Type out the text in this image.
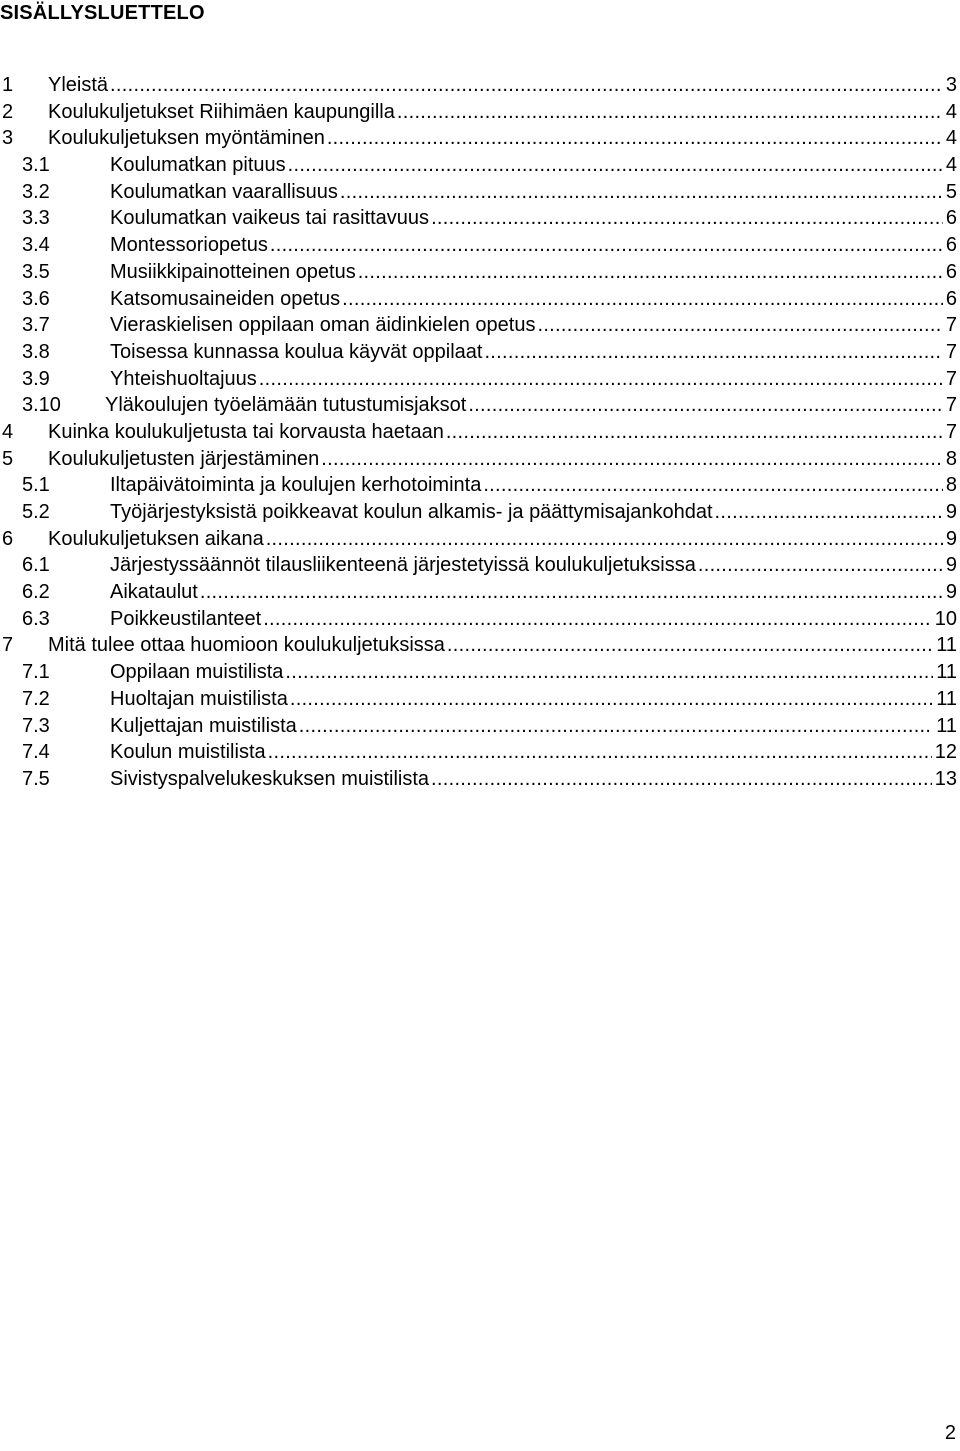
SISÄLLYSLUETTELO
1 Yleistä .....	3
2 Koulukuljetukset Riihimäen kaupungilla .....	4
3 Koulukuljetuksen myöntäminen .....	4
3.1	Koulumatkan pituus .....	4
3.2	Koulumatkan vaarallisuus .....	5
3.3	Koulumatkan vaikeus tai rasittavuus .....	6
3.4	Montessoriopetus .....	6
3.5	Musiikkipainotteinen opetus .....	6
3.6	Katsomusaineiden opetus .....	6
3.7	Vieraskielisen oppilaan oman äidinkielen opetus .....	7
3.8	Toisessa kunnassa koulua käyvät oppilaat .....	7
3.9	Yhteishuoltajuus .....	7
3.10 Yläkoulujen työelämään tutustumisjaksot .....	7
4 Kuinka koulukuljetusta tai korvausta haetaan .....	7
5 Koulukuljetusten järjestäminen .....	8
5.1	Iltapäivätoiminta ja koulujen kerhotoiminta .....	8
5.2	Työjärjestyksistä poikkeavat koulun alkamis- ja päättymisajankohdat .....	9
6 Koulukuljetuksen aikana .....	9
6.1	Järjestyssäännöt tilausliikenteenä järjestetyissä koulukuljetuksissa .....	9
6.2	Aikataulut .....	9
6.3	Poikkeustilanteet .....	10
7 Mitä tulee ottaa huomioon koulukuljetuksissa .....	11
7.1	Oppilaan muistilista .....	11
7.2	Huoltajan muistilista .....	11
7.3	Kuljettajan muistilista .....	11
7.4	Koulun muistilista .....	12
7.5	Sivistyspalvelukeskuksen muistilista .....	13
2
